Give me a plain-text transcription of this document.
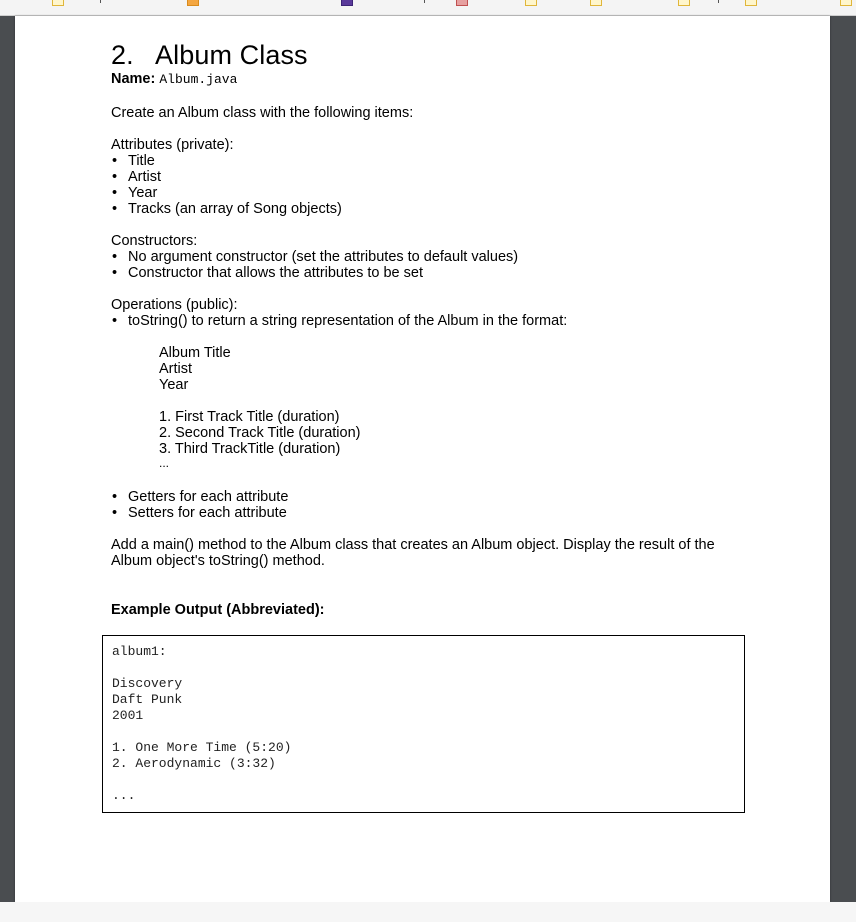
2. Album Class
Name: Album.java
Create an Album class with the following items:
Attributes (private):
• Title
• Artist
• Year
• Tracks (an array of Song objects)
Constructors:
• No argument constructor (set the attributes to default values)
• Constructor that allows the attributes to be set
Operations (public):
• toString() to return a string representation of the Album in the format:
Album Title
Artist
Year
1. First Track Title (duration)
2. Second Track Title (duration)
3. Third TrackTitle (duration)
...
• Getters for each attribute
• Setters for each attribute
Add a main() method to the Album class that creates an Album object. Display the result of the
Album object's toString() method.
Example Output (Abbreviated):
album1:
Discovery
Daft Punk
2001
1. One More Time (5:20)
2. Aerodynamic (3:32)
...
